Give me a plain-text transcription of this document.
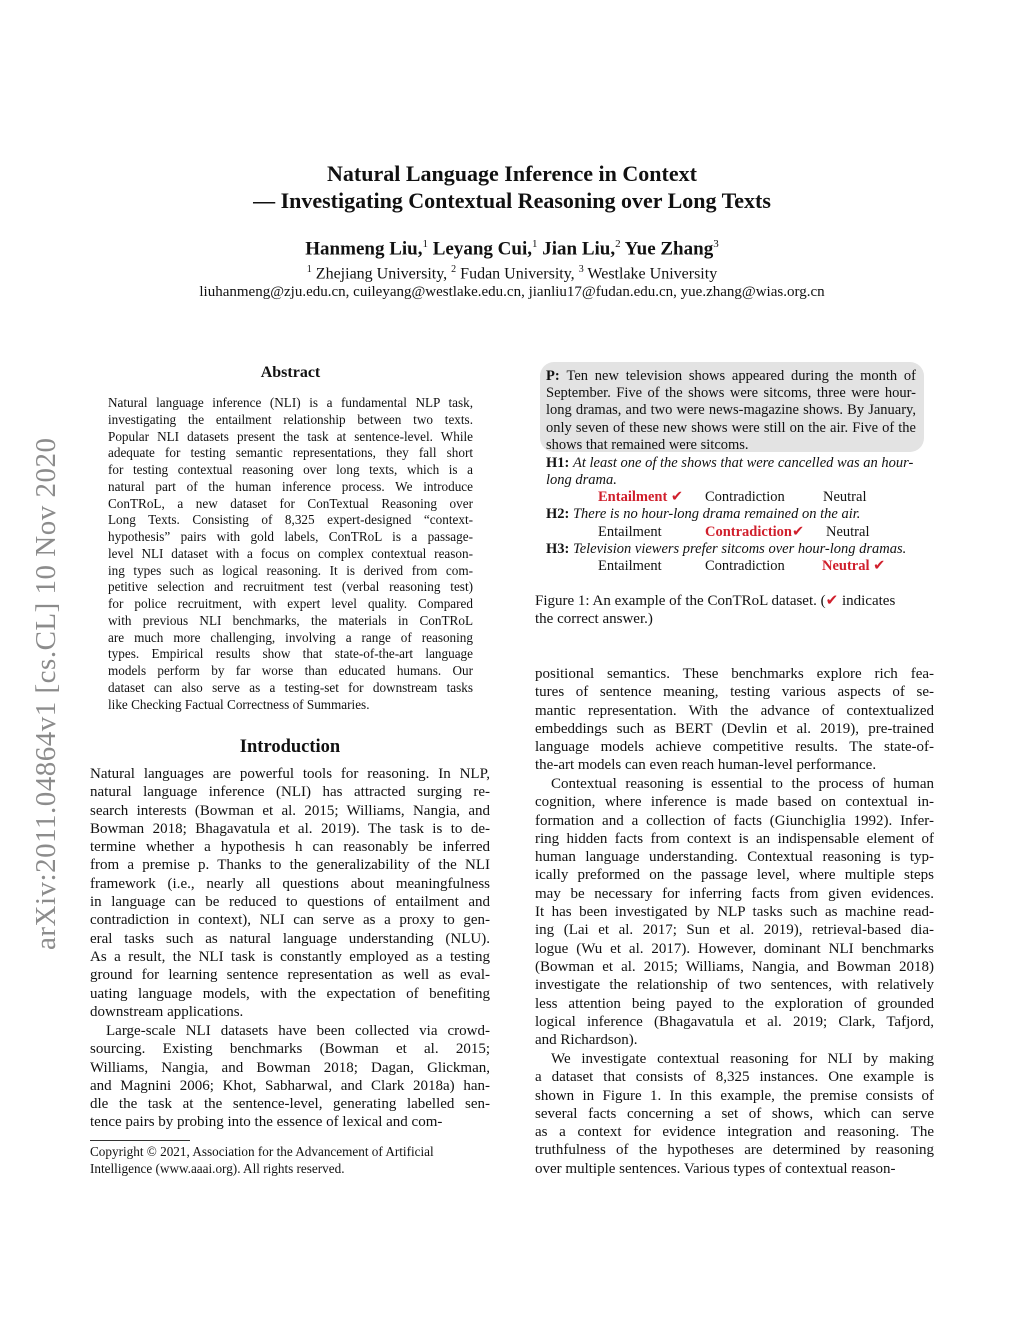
Natural Language Inference in Context
— Investigating Contextual Reasoning over Long Texts
Hanmeng Liu,$^1$ Leyang Cui,$^1$ Jian Liu,$^2$ Yue Zhang$^3$
$^1$ Zhejiang University, $^2$ Fudan University, $^3$ Westlake University
liuhanmeng@zju.edu.cn, cuileyang@westlake.edu.cn, jianliu17@fudan.edu.cn, yue.zhang@wias.org.cn
arXiv:2011.04864v1 [cs.CL] 10 Nov 2020
Abstract
Natural language inference (NLI) is a fundamental NLP task,
investigating the entailment relationship between two texts.
Popular NLI datasets present the task at sentence-level. While
adequate for testing semantic representations, they fall short
for testing contextual reasoning over long texts, which is a
natural part of the human inference process. We introduce
ConTRoL, a new dataset for ConTextual Reasoning over
Long Texts. Consisting of 8,325 expert-designed “context-
hypothesis” pairs with gold labels, ConTRoL is a passage-
level NLI dataset with a focus on complex contextual reason-
ing types such as logical reasoning. It is derived from com-
petitive selection and recruitment test (verbal reasoning test)
for police recruitment, with expert level quality. Compared
with previous NLI benchmarks, the materials in ConTRoL
are much more challenging, involving a range of reasoning
types. Empirical results show that state-of-the-art language
models perform by far worse than educated humans. Our
dataset can also serve as a testing-set for downstream tasks
like Checking Factual Correctness of Summaries.
Introduction
Natural languages are powerful tools for reasoning. In NLP,
natural language inference (NLI) has attracted surging re-
search interests (Bowman et al. 2015; Williams, Nangia, and
Bowman 2018; Bhagavatula et al. 2019). The task is to de-
termine whether a hypothesis h can reasonably be inferred
from a premise p. Thanks to the generalizability of the NLI
framework (i.e., nearly all questions about meaningfulness
in language can be reduced to questions of entailment and
contradiction in context), NLI can serve as a proxy to gen-
eral tasks such as natural language understanding (NLU).
As a result, the NLI task is constantly employed as a testing
ground for learning sentence representation as well as eval-
uating language models, with the expectation of benefiting
downstream applications.
Large-scale NLI datasets have been collected via crowd-
sourcing. Existing benchmarks (Bowman et al. 2015;
Williams, Nangia, and Bowman 2018; Dagan, Glickman,
and Magnini 2006; Khot, Sabharwal, and Clark 2018a) han-
dle the task at the sentence-level, generating labelled sen-
tence pairs by probing into the essence of lexical and com-
Copyright © 2021, Association for the Advancement of Artificial
Intelligence (www.aaai.org). All rights reserved.
P: Ten new television shows appeared during the month of
September. Five of the shows were sitcoms, three were hour-
long dramas, and two were news-magazine shows. By January,
only seven of these new shows were still on the air. Five of the
shows that remained were sitcoms.
H1: At least one of the shows that were cancelled was an hour-
long drama.
Entailment ✔ Contradiction	Neutral
H2: There is no hour-long drama remained on the air.
Entailment	Contradiction✔ Neutral
H3: Television viewers prefer sitcoms over hour-long dramas.
Entailment	Contradiction	Neutral ✔
Figure 1: An example of the ConTRoL dataset. (✔ indicates
the correct answer.)
positional semantics. These benchmarks explore rich fea-
tures of sentence meaning, testing various aspects of se-
mantic representation. With the advance of contextualized
embeddings such as BERT (Devlin et al. 2019), pre-trained
language models achieve competitive results. The state-of-
the-art models can even reach human-level performance.
Contextual reasoning is essential to the process of human
cognition, where inference is made based on contextual in-
formation and a collection of facts (Giunchiglia 1992). Infer-
ring hidden facts from context is an indispensable element of
human language understanding. Contextual reasoning is typ-
ically preformed on the passage level, where multiple steps
may be necessary for inferring facts from given evidences.
It has been investigated by NLP tasks such as machine read-
ing (Lai et al. 2017; Sun et al. 2019), retrieval-based dia-
logue (Wu et al. 2017). However, dominant NLI benchmarks
(Bowman et al. 2015; Williams, Nangia, and Bowman 2018)
investigate the relationship of two sentences, with relatively
less attention being payed to the exploration of grounded
logical inference (Bhagavatula et al. 2019; Clark, Tafjord,
and Richardson).
We investigate contextual reasoning for NLI by making
a dataset that consists of 8,325 instances. One example is
shown in Figure 1. In this example, the premise consists of
several facts concerning a set of shows, which can serve
as a context for evidence integration and reasoning. The
truthfulness of the hypotheses are determined by reasoning
over multiple sentences. Various types of contextual reason-
